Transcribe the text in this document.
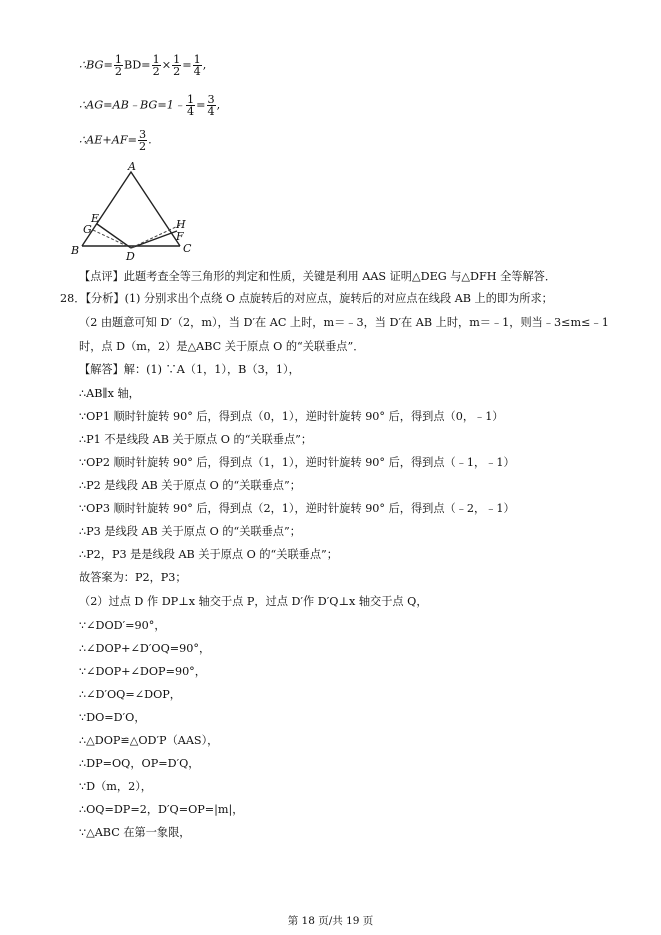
∴BG= $\frac{1}{2} BD= \frac{1}{2} \times \frac{1}{2} = \frac{1}{4}$ ,
∴AG=AB﹣BG=1﹣ $\frac{1}{4} = \frac{3}{4}$ ,
∴AE+AF= $\frac{3}{2}$ .
A
B	C
D
E
F
G	H
【点评】此题考查全等三角形的判定和性质，关键是利用 AAS 证明△DEG 与△DFH 全等解答．
28．【分析】(1) 分别求出个点绕 O 点旋转后的对应点，旋转后的对应点在线段 AB 上的即为所求；
（2 由题意可知 D′（2，m），当 D′在 AC 上时，m＝﹣3，当 D′在 AB 上时，m＝﹣1，则当﹣3≤m≤﹣1
时，点 D（m，2）是△ABC 关于原点 O 的“关联垂点”．
【解答】解：(1) ∵A（1，1），B（3，1），
∴AB∥x 轴，
∵OP1 顺时针旋转 90° 后，得到点（0，1），逆时针旋转 90° 后，得到点（0，﹣1）
∴P1 不是线段 AB 关于原点 O 的“关联垂点”；
∵OP2 顺时针旋转 90° 后，得到点（1，1），逆时针旋转 90° 后，得到点（﹣1，﹣1）
∴P2 是线段 AB 关于原点 O 的“关联垂点”；
∵OP3 顺时针旋转 90° 后，得到点（2，1），逆时针旋转 90° 后，得到点（﹣2，﹣1）
∴P3 是线段 AB 关于原点 O 的“关联垂点”；
∴P2，P3 是是线段 AB 关于原点 O 的“关联垂点”；
故答案为：P2，P3；
（2）过点 D 作 DP⊥x 轴交于点 P，过点 D′作 D′Q⊥x 轴交于点 Q，
∵∠DOD′=90°，
∴∠DOP+∠D′OQ=90°，
∵∠DOP+∠DOP=90°，
∴∠D′OQ=∠DOP，
∵DO=D′O，
∴△DOP≌△OD′P（AAS），
∴DP=OQ，OP=D′Q，
∵D（m，2），
∴OQ=DP=2，D′Q=OP=|m|，
∵△ABC 在第一象限，
第 18 页/共 19 页
